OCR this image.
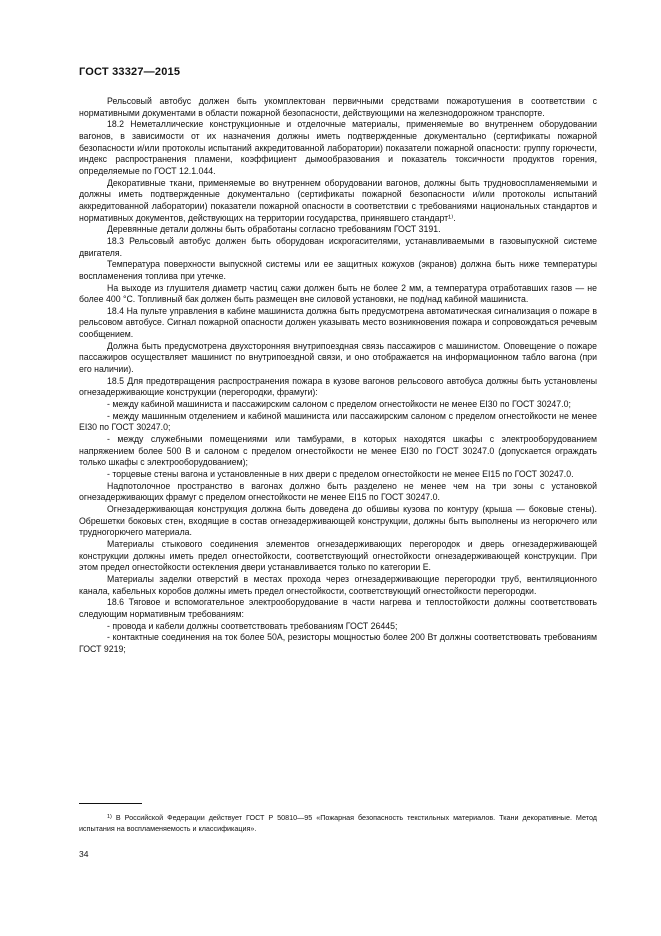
ГОСТ 33327—2015

Рельсовый автобус должен быть укомплектован первичными средствами пожаротушения в соответствии с нормативными документами в области пожарной безопасности, действующими на железнодорожном транспорте.

18.2 Неметаллические конструкционные и отделочные материалы, применяемые во внутреннем оборудовании вагонов, в зависимости от их назначения должны иметь подтвержденные документально (сертификаты пожарной безопасности и/или протоколы испытаний аккредитованной лаборатории) показатели пожарной опасности: группу горючести, индекс распространения пламени, коэффициент дымообразования и показатель токсичности продуктов горения, определяемые по ГОСТ 12.1.044.

Декоративные ткани, применяемые во внутреннем оборудовании вагонов, должны быть трудновоспламеняемыми и должны иметь подтвержденные документально (сертификаты пожарной безопасности и/или протоколы испытаний аккредитованной лаборатории) показатели пожарной опасности в соответствии с требованиями национальных стандартов и нормативных документов, действующих на территории государства, принявшего стандарт¹⁾.

Деревянные детали должны быть обработаны согласно требованиям ГОСТ 3191.

18.3 Рельсовый автобус должен быть оборудован искрогасителями, устанавливаемыми в газовыпускной системе двигателя.

Температура поверхности выпускной системы или ее защитных кожухов (экранов) должна быть ниже температуры воспламенения топлива при утечке.

На выходе из глушителя диаметр частиц сажи должен быть не более 2 мм, а температура отработавших газов — не более 400 °С. Топливный бак должен быть размещен вне силовой установки, не под/над кабиной машиниста.

18.4 На пульте управления в кабине машиниста должна быть предусмотрена автоматическая сигнализация о пожаре в рельсовом автобусе. Сигнал пожарной опасности должен указывать место возникновения пожара и сопровождаться речевым сообщением.

Должна быть предусмотрена двухсторонняя внутрипоездная связь пассажиров с машинистом. Оповещение о пожаре пассажиров осуществляет машинист по внутрипоездной связи, и оно отображается на информационном табло вагона (при его наличии).

18.5 Для предотвращения распространения пожара в кузове вагонов рельсового автобуса должны быть установлены огнезадерживающие конструкции (перегородки, фрамуги):

- между кабиной машиниста и пассажирским салоном с пределом огнестойкости не менее EI30 по ГОСТ 30247.0;

- между машинным отделением и кабиной машиниста или пассажирским салоном с пределом огнестойкости не менее EI30 по ГОСТ 30247.0;

- между служебными помещениями или тамбурами, в которых находятся шкафы с электрооборудованием напряжением более 500 В и салоном с пределом огнестойкости не менее EI30 по ГОСТ 30247.0 (допускается ограждать только шкафы с электрооборудованием);

- торцевые стены вагона и установленные в них двери с пределом огнестойкости не менее EI15 по ГОСТ 30247.0.

Надпотолочное пространство в вагонах должно быть разделено не менее чем на три зоны с установкой огнезадерживающих фрамуг с пределом огнестойкости не менее EI15 по ГОСТ 30247.0.

Огнезадерживающая конструкция должна быть доведена до обшивы кузова по контуру (крыша — боковые стены). Обрешетки боковых стен, входящие в состав огнезадерживающей конструкции, должны быть выполнены из негорючего или трудногорючего материала.

Материалы стыкового соединения элементов огнезадерживающих перегородок и дверь огнезадерживающей конструкции должны иметь предел огнестойкости, соответствующий огнестойкости огнезадерживающей конструкции. При этом предел огнестойкости остекления двери устанавливается только по категории Е.

Материалы заделки отверстий в местах прохода через огнезадерживающие перегородки труб, вентиляционного канала, кабельных коробов должны иметь предел огнестойкости, соответствующий огнестойкости перегородки.

18.6 Тяговое и вспомогательное электрооборудование в части нагрева и теплостойкости должны соответствовать следующим нормативным требованиям:

- провода и кабели должны соответствовать требованиям ГОСТ 26445;

- контактные соединения на ток более 50А, резисторы мощностью более 200 Вт должны соответствовать требованиям ГОСТ 9219;

$^{1)}$ В Российской Федерации действует ГОСТ Р 50810—95 «Пожарная безопасность текстильных материалов. Ткани декоративные. Метод испытания на воспламеняемость и классификация».

34
